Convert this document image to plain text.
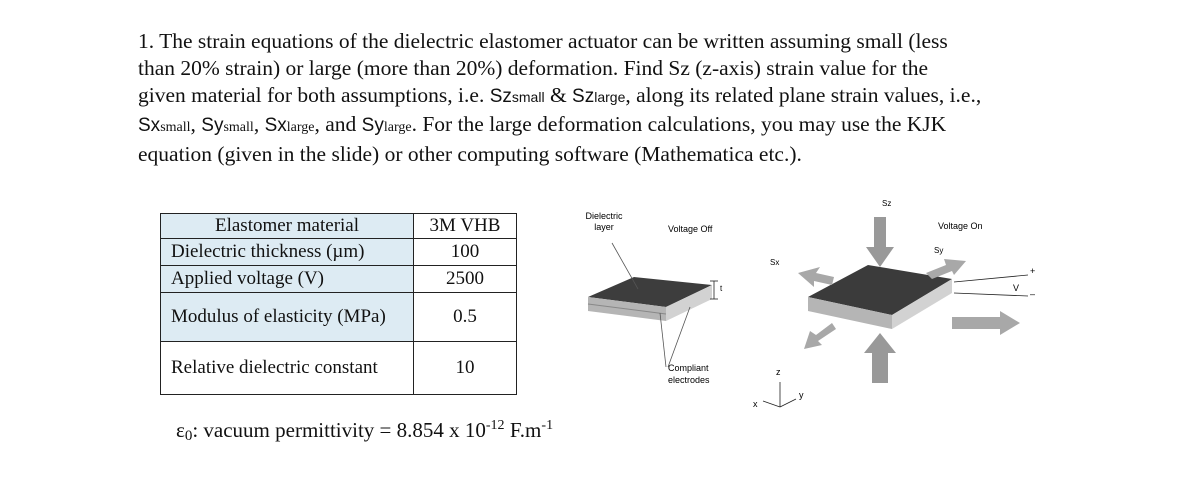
1. The strain equations of the dielectric elastomer actuator can be written assuming small (less
than 20% strain) or large (more than 20%) deformation. Find Sz (z-axis) strain value for the
given material for both assumptions, i.e. Szsmall & Szlarge, along its related plane strain values, i.e.,
Sxsmall, Sysmall, Sxlarge, and Sylarge. For the large deformation calculations, you may use the KJK
equation (given in the slide) or other computing software (Mathematica etc.).

Elastomer material	3M VHB
Dielectric thickness (µm)	100
Applied voltage (V)	2500
Modulus of elasticity (MPa)	0.5
Relative dielectric constant	10
ε0: vacuum permittivity = 8.854 x $10^{-12}$ $F.m^{-1}$
t
Dielectric
layer	Voltage Off
Compliant
electrodes
Sz
Sx
Sy
Voltage On
+
–
V
z
y
x
